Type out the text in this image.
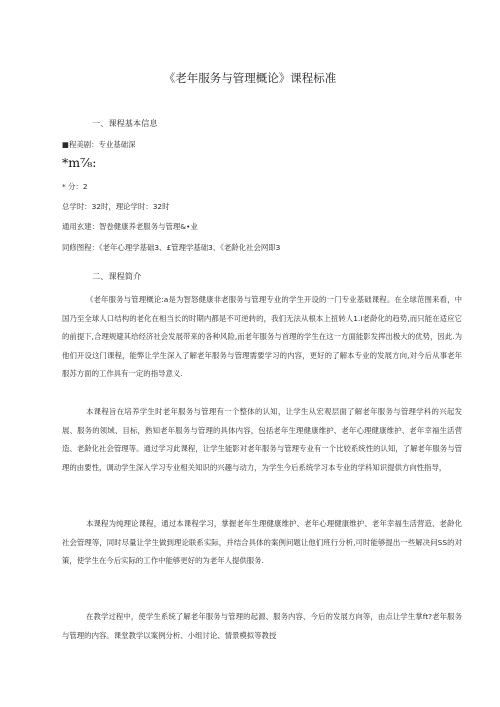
《老年服务与管理概论》课程标准
一、课程基本信息
■程美剧：专业基础深
*m⅞:
* 分：2
总学时：32时，理论学时：32时
通用玄建：智卷健康养老服务与管理&•业
同修图程：《老年心理学基础3、£管理学基础3、《老龄化社会网即3
二、课程简介

《老年服务与管理概论:a是为智怒健康非老服务与管理专业的学生开设的一门专业基础课程。在全球范围来看，中国乃至全球人口结构的老化在相当长的时期内都是不可逆转的，我们无法从根本上扭转人1.I老龄化的趋势,而只能在适应它的前提下,合理规避其给经济社会发展带来的各种风险,而老年服务与首理的学生在这一方面能影发挥出极大的优势，因此.为他们开设这门课程，能弊让学生深入了解老年服务与管理需要学习的内容，更好的了解本专业的发展方向,对今后从事老年服苏方面的工作具有一定的指导意义.

本课程旨在培养学生时老年服务与管理有一个整体的认知，让学生从宏观层面了解老年服务与管理学科的兴起发展、服务的领域、目标，熟知老年服务与管理的具体内容，包括老年生理健康维护、老年心理健康维护、老年幸福生活营造、老龄化社会管理等。通过学习此课程，让学生能影对老年服务与管理专业有一个比较系统性的认知，了解老年服务与管理的由要性，调动学生深入学习专业相关知识的兴趣与动力，为学生今后系统学习本专业的学科知识提供方向性指导，

本课程为纯理论课程，通过本课程学习，掌握老年生理健康维护、老年心理健康维护、老年幸福生活营造、老龄化社会管理等，同时尽量让学生做到理论联系实际，并结合具体的案例问题让他们班行分析,可时能够提出一些解决问SS的对策，使学生在今后实际的工作中能够更好的为老年人提供服务.

在教学过程中，使学生系统了解老年服务与管理的起源、服务内容、今后的发展方向等，由点让学生掌ft?老年服务与管理的内容。课堂教学以案例分析、小组讨论、情景模拟等教授
